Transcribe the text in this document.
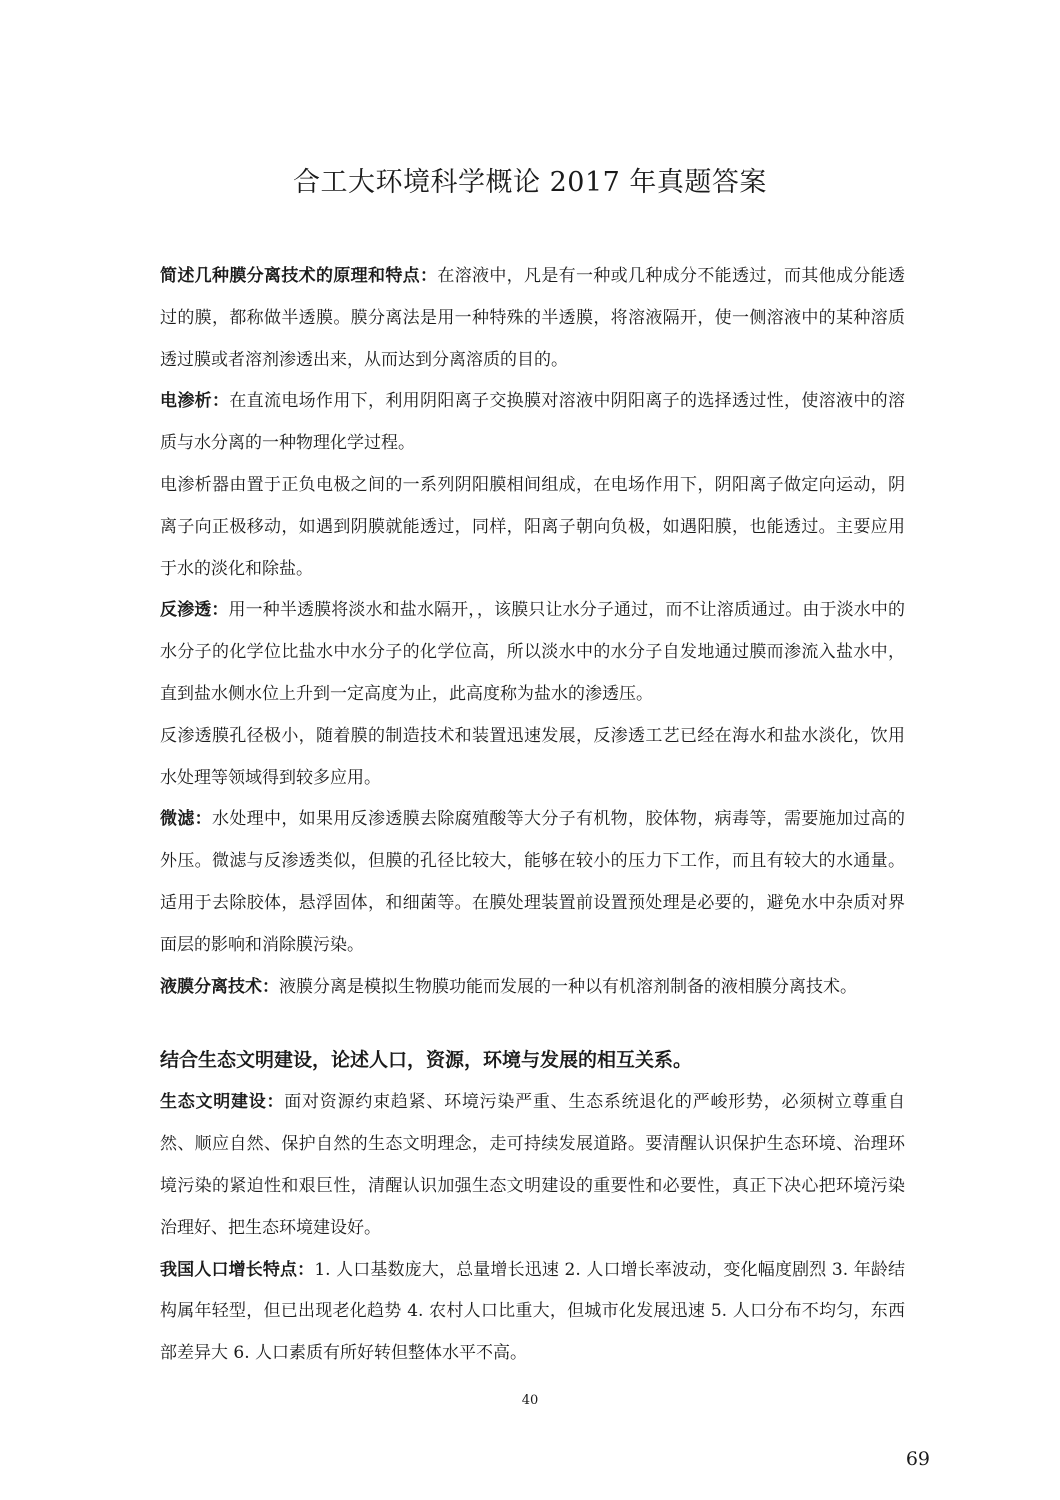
合工大环境科学概论 2017 年真题答案

简述几种膜分离技术的原理和特点：在溶液中，凡是有一种或几种成分不能透过，而其他成分能透过的膜，都称做半透膜。膜分离法是用一种特殊的半透膜，将溶液隔开，使一侧溶液中的某种溶质透过膜或者溶剂渗透出来，从而达到分离溶质的目的。

电渗析：在直流电场作用下，利用阴阳离子交换膜对溶液中阴阳离子的选择透过性，使溶液中的溶质与水分离的一种物理化学过程。

电渗析器由置于正负电极之间的一系列阴阳膜相间组成，在电场作用下，阴阳离子做定向运动，阴离子向正极移动，如遇到阴膜就能透过，同样，阳离子朝向负极，如遇阳膜，也能透过。主要应用于水的淡化和除盐。

反渗透：用一种半透膜将淡水和盐水隔开，，该膜只让水分子通过，而不让溶质通过。由于淡水中的水分子的化学位比盐水中水分子的化学位高，所以淡水中的水分子自发地通过膜而渗流入盐水中，直到盐水侧水位上升到一定高度为止，此高度称为盐水的渗透压。

反渗透膜孔径极小，随着膜的制造技术和装置迅速发展，反渗透工艺已经在海水和盐水淡化，饮用水处理等领域得到较多应用。

微滤：水处理中，如果用反渗透膜去除腐殖酸等大分子有机物，胶体物，病毒等，需要施加过高的外压。微滤与反渗透类似，但膜的孔径比较大，能够在较小的压力下工作，而且有较大的水通量。适用于去除胶体，悬浮固体，和细菌等。在膜处理装置前设置预处理是必要的，避免水中杂质对界面层的影响和消除膜污染。

液膜分离技术：液膜分离是模拟生物膜功能而发展的一种以有机溶剂制备的液相膜分离技术。

结合生态文明建设，论述人口，资源，环境与发展的相互关系。

生态文明建设：面对资源约束趋紧、环境污染严重、生态系统退化的严峻形势，必须树立尊重自然、顺应自然、保护自然的生态文明理念，走可持续发展道路。要清醒认识保护生态环境、治理环境污染的紧迫性和艰巨性，清醒认识加强生态文明建设的重要性和必要性，真正下决心把环境污染治理好、把生态环境建设好。

我国人口增长特点：1. 人口基数庞大，总量增长迅速 2. 人口增长率波动，变化幅度剧烈 3. 年龄结构属年轻型，但已出现老化趋势 4. 农村人口比重大，但城市化发展迅速 5. 人口分布不均匀，东西部差异大 6. 人口素质有所好转但整体水平不高。

40
69
